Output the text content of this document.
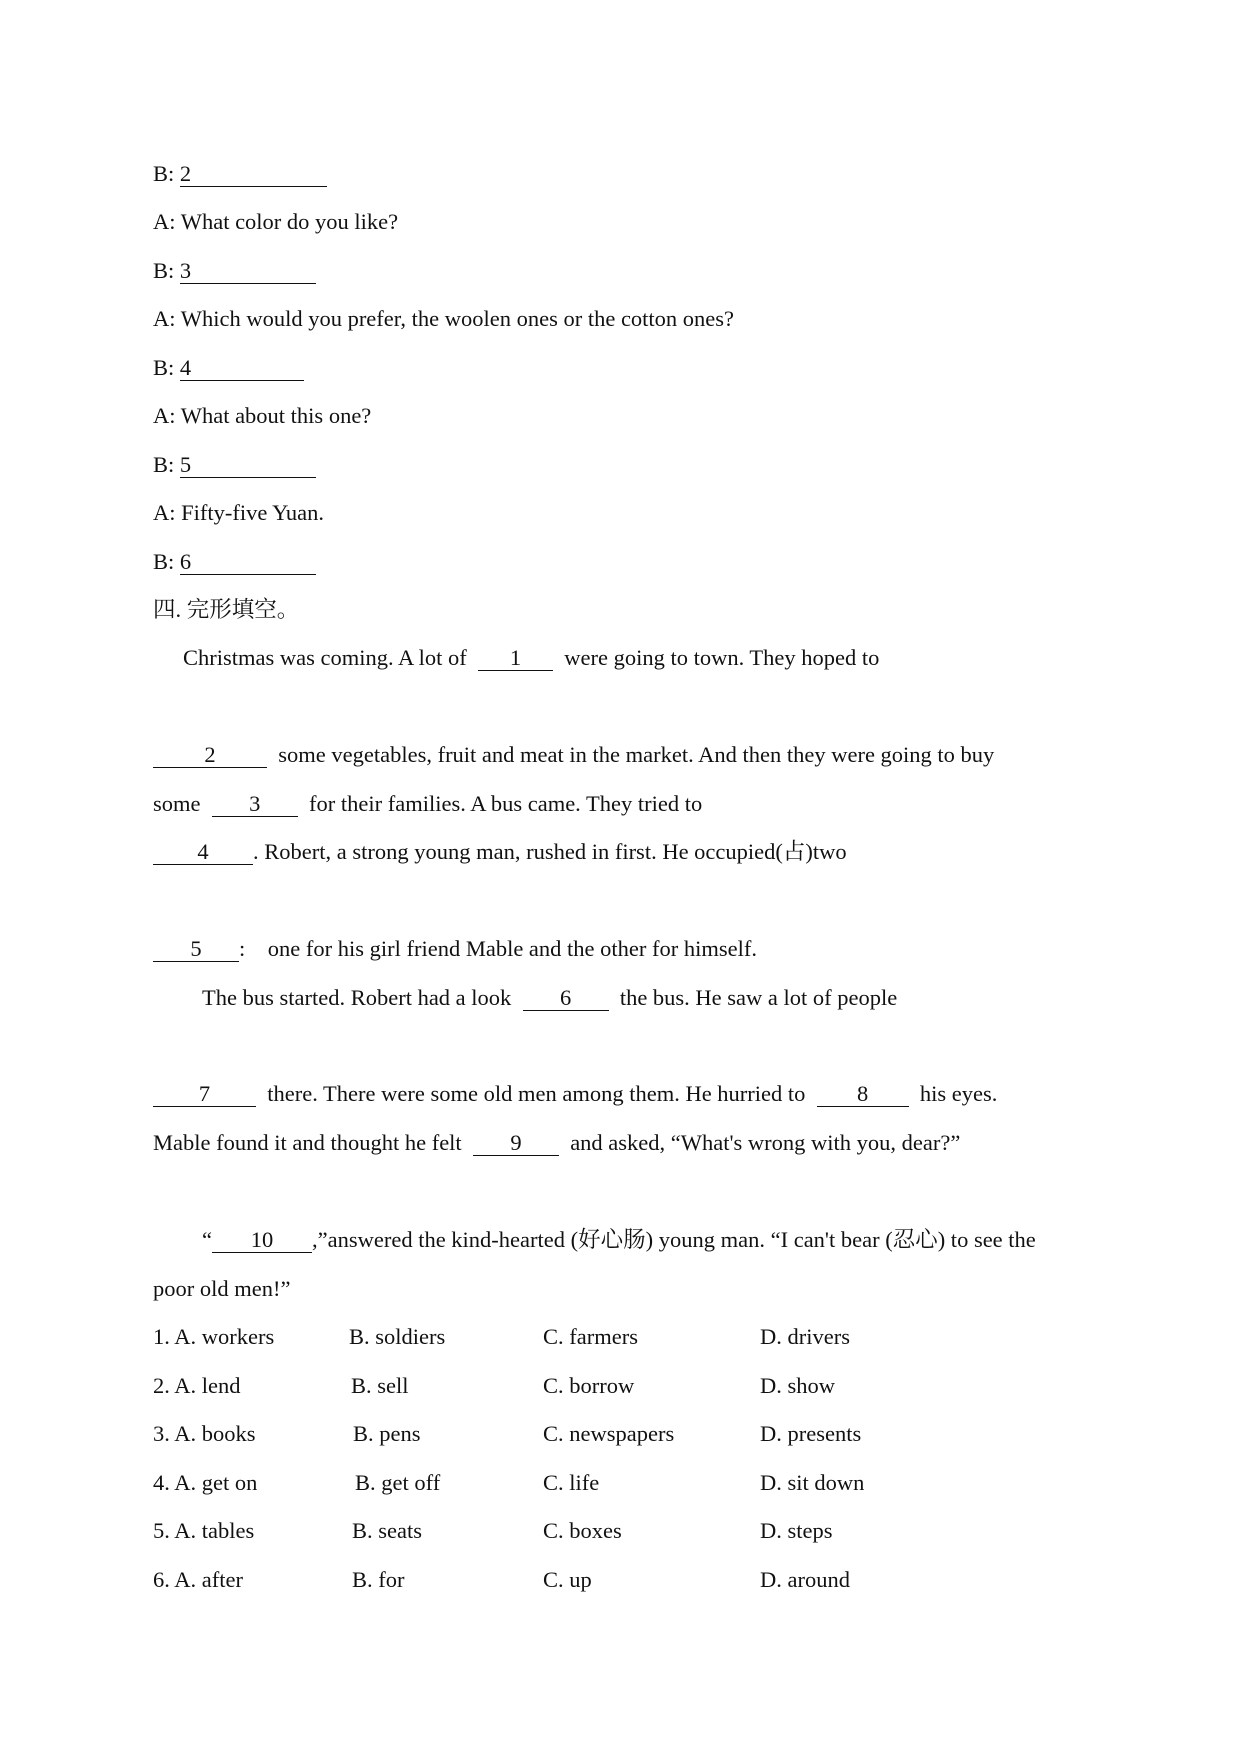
B: 2
A: What color do you like?
B: 3
A: Which would you prefer, the woolen ones or the cotton ones?
B: 4
A: What about this one?
B: 5
A: Fifty-five Yuan.
B: 6
四. 完形填空。
Christmas was coming. A lot of 1 were going to town. They hoped to
2	some vegetables, fruit and meat in the market. And then they were going to buy
some 3 for their families. A bus came. They tried to
4 . Robert, a strong young man, rushed in first. He occupied(占)two
5 :    one for his girl friend Mable and the other for himself.
The bus started. Robert had a look 6 the bus. He saw a lot of people
7	there. There were some old men among them. He hurried to 8 his eyes.
Mable found it and thought he felt 9 and asked, “What's wrong with you, dear?”
“ 10 ,”answered the kind-hearted (好心肠) young man. “I can't bear (忍心) to see the
poor old men!”
1. A. workers	B. soldiers	C. farmers	D. drivers
2. A. lend	B. sell	C. borrow	D. show
3. A. books	B. pens	C. newspapers	D. presents
4. A. get on	B. get off	C. life	D. sit down
5. A. tables	B. seats	C. boxes	D. steps
6. A. after	B. for	C. up	D. around
